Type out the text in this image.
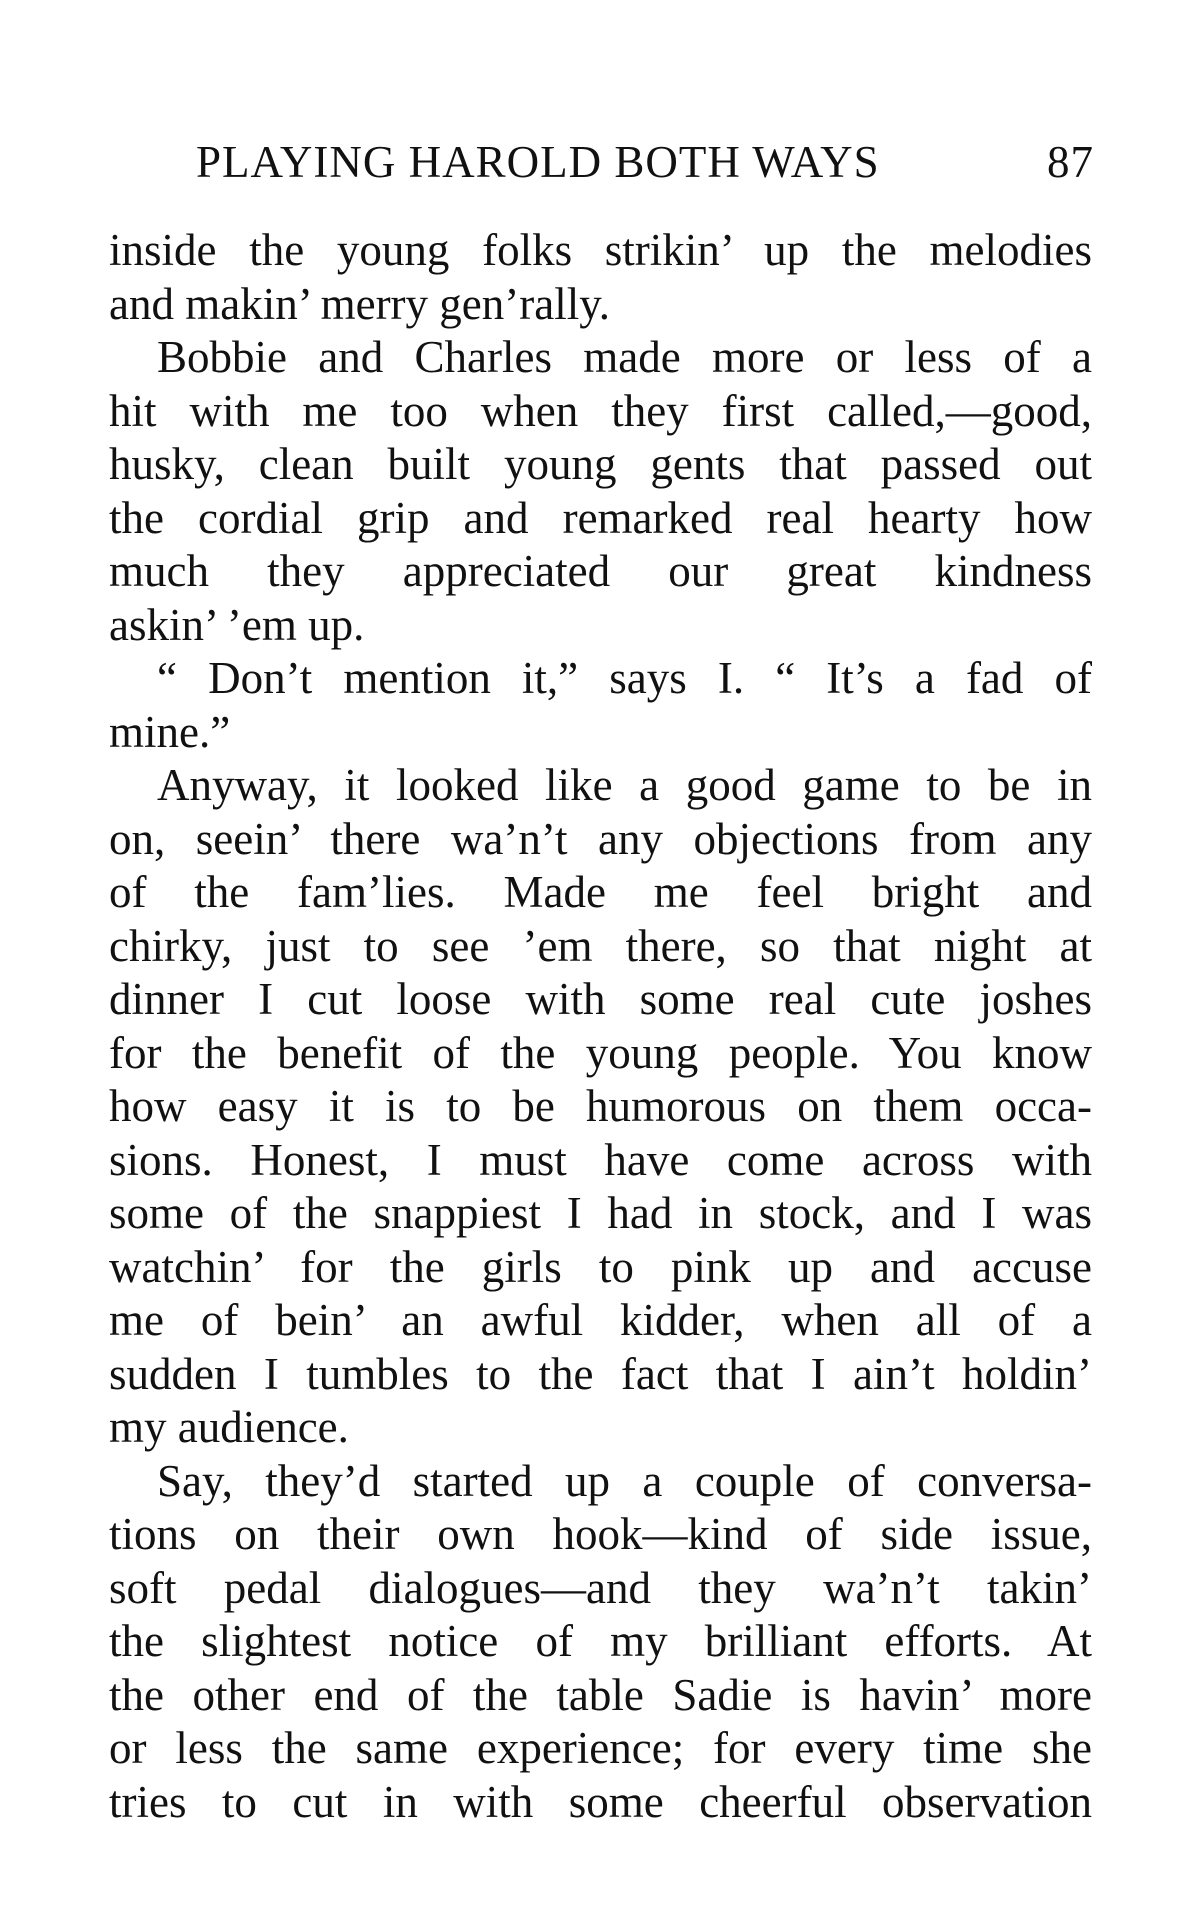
PLAYING HAROLD BOTH WAYS	87
inside the young folks strikin’ up the melodies
and makin’ merry gen’rally.
Bobbie and Charles made more or less of a
hit with me too when they first called,—good,
husky, clean built young gents that passed out
the cordial grip and remarked real hearty how
much they appreciated our great kindness
askin’ ’em up.
“ Don’t mention it,” says I. “ It’s a fad of
mine.”
Anyway, it looked like a good game to be in
on, seein’ there wa’n’t any objections from any
of the fam’lies. Made me feel bright and
chirky, just to see ’em there, so that night at
dinner I cut loose with some real cute joshes
for the benefit of the young people. You know
how easy it is to be humorous on them occa-
sions. Honest, I must have come across with
some of the snappiest I had in stock, and I was
watchin’ for the girls to pink up and accuse
me of bein’ an awful kidder, when all of a
sudden I tumbles to the fact that I ain’t holdin’
my audience.
Say, they’d started up a couple of conversa-
tions on their own hook—kind of side issue,
soft pedal dialogues—and they wa’n’t takin’
the slightest notice of my brilliant efforts. At
the other end of the table Sadie is havin’ more
or less the same experience; for every time she
tries to cut in with some cheerful observation
